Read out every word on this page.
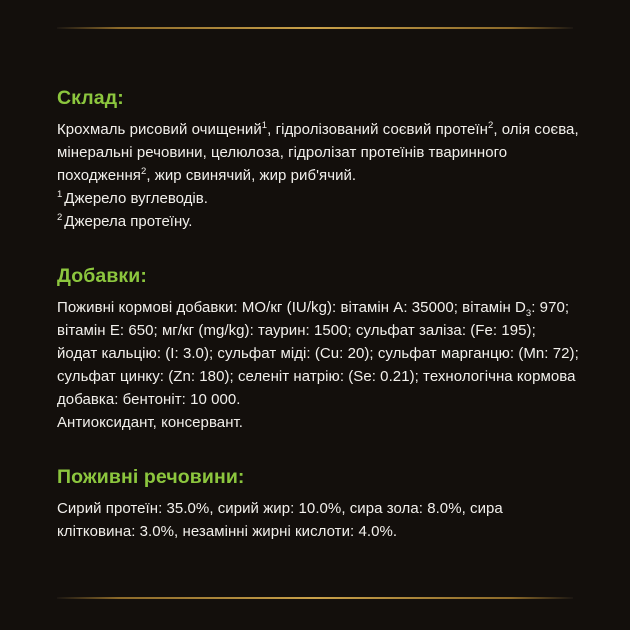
Склад:

Крохмаль рисовий очищений$^1$, гідролізований соєвий протеїн$^2$, олія соєва, мінеральні речовини, целюлоза, гідролізат протеїнів тваринного походження$^2$, жир свинячий, жир риб'ячий.

$^1$ Джерело вуглеводів.

$^2$ Джерела протеїну.

Добавки:

Поживні кормові добавки: МО/кг (IU/kg): вітамін А: 35000; вітамін $D_3$: 970; вітамін Е: 650; мг/кг (mg/kg): таурин: 1500; сульфат заліза: (Fe: 195); йодат кальцію: (I: 3.0); сульфат міді: (Cu: 20); сульфат марганцю: (Mn: 72); сульфат цинку: (Zn: 180); селеніт натрію: (Se: 0.21); технологічна кормова добавка: бентоніт: 10 000.

Антиоксидант, консервант.

Поживні речовини:

Сирий протеїн: 35.0%, сирий жир: 10.0%, сира зола: 8.0%, сира клітковина: 3.0%, незамінні жирні кислоти: 4.0%.
